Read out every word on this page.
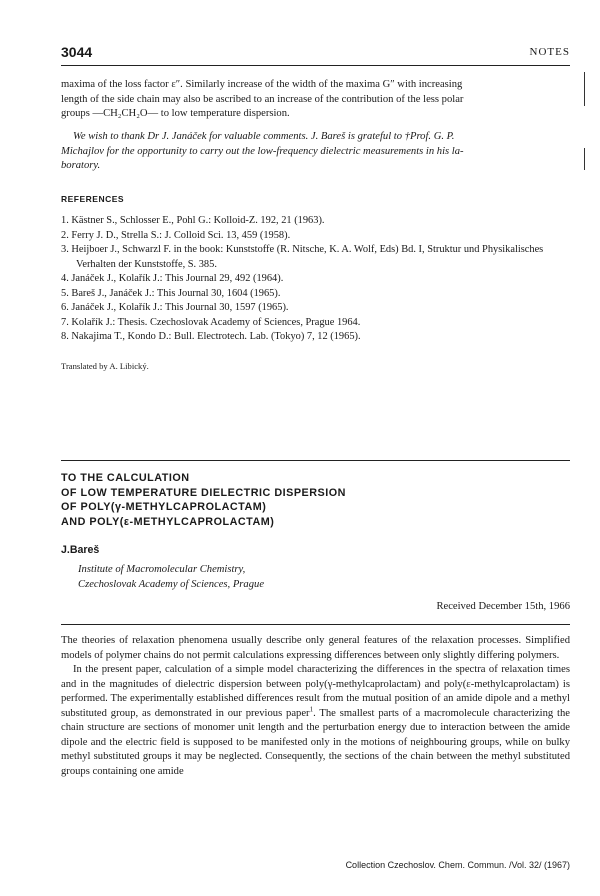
3044	NOTES

maxima of the loss factor ε″. Similarly increase of the width of the maxima G″ with increasing

length of the side chain may also be ascribed to an increase of the contribution of the less polar

groups —CH₂CH₂O— to low temperature dispersion.

We wish to thank Dr J. Janáček for valuable comments. J. Bareš is grateful to †Prof. G. P.

Michajlov for the opportunity to carry out the low-frequency dielectric measurements in his la-

boratory.

REFERENCES
1. Kästner S., Schlosser E., Pohl G.: Kolloid-Z. 192, 21 (1963).
2. Ferry J. D., Strella S.: J. Colloid Sci. 13, 459 (1958).
3. Heijboer J., Schwarzl F. in the book: Kunststoffe (R. Nitsche, K. A. Wolf, Eds) Bd. I, Struktur und Physikalisches Verhalten der Kunststoffe, S. 385.
4. Janáček J., Kolařík J.: This Journal 29, 492 (1964).
5. Bareš J., Janáček J.: This Journal 30, 1604 (1965).
6. Janáček J., Kolařík J.: This Journal 30, 1597 (1965).
7. Kolařík J.: Thesis. Czechoslovak Academy of Sciences, Prague 1964.
8. Nakajima T., Kondo D.: Bull. Electrotech. Lab. (Tokyo) 7, 12 (1965).
Translated by A. Libický.
TO THE CALCULATION
OF LOW TEMPERATURE DIELECTRIC DISPERSION
OF POLY(γ-METHYLCAPROLACTAM)
AND POLY(ε-METHYLCAPROLACTAM)
J.Bareš
Institute of Macromolecular Chemistry,
Czechoslovak Academy of Sciences, Prague
Received December 15th, 1966

The theories of relaxation phenomena usually describe only general features of the relaxation processes. Simplified models of polymer chains do not permit calculations expressing differences between only slightly differing polymers.

In the present paper, calculation of a simple model characterizing the differences in the spectra of relaxation times and in the magnitudes of dielectric dispersion between poly(γ-methylcaprolactam) and poly(ε-methylcaprolactam) is performed. The experimentally established differences result from the mutual position of an amide dipole and a methyl substituted group, as demonstrated in our previous paper$^1$. The smallest parts of a macromolecule characterizing the chain structure are sections of monomer unit length and the perturbation energy due to interaction between the amide dipole and the electric field is supposed to be manifested only in the motions of neighbouring groups, while on bulky methyl substituted groups it may be neglected. Consequently, the sections of the chain between the methyl substituted groups containing one amide

Collection Czechoslov. Chem. Commun. /Vol. 32/ (1967)
